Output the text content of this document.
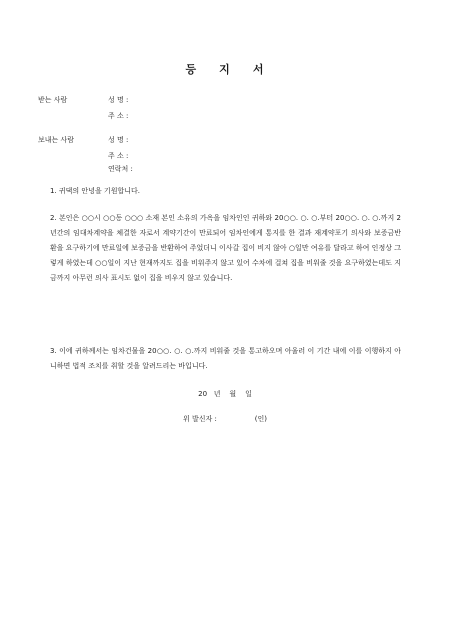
등 지 서
받는 사람	성 명 :
주 소 :
보내는 사람	성 명 :
주 소 :
연락처 :
1. 귀댁의 안녕을 기원합니다.
2. 본인은 ○○시 ○○동 ○○○ 소재 본인 소유의 가옥을 임차인인 귀하와 20○○. ○. ○.부터 20○○. ○. ○.까지 2년간의 임대차계약을 체결한 자로서 계약기간이 만료되어 임차인에게 통지를 한 결과 재계약포기 의사와 보증금반환을 요구하기에 만료일에 보증금을 반환하여 주었더니 이사갈 집이 비지 않아 ○일만 여유를 달라고 하여 인정상 그렇게 하였는데 ○○일이 지난 현재까지도 집을 비워주지 않고 있어 수차에 걸쳐 집을 비워줄 것을 요구하였는데도 지금까지 아무런 의사 표시도 없이 집을 비우지 않고 있습니다.
3. 이에 귀하께서는 임차건물을 20○○. ○. ○.까지 비워줄 것을 통고하오며 아울러 이 기간 내에 이를 이행하지 아니하면 법적 조치를 취할 것을 알려드리는 바입니다.
20   년    월    일
위 발신자 :                 (인)
